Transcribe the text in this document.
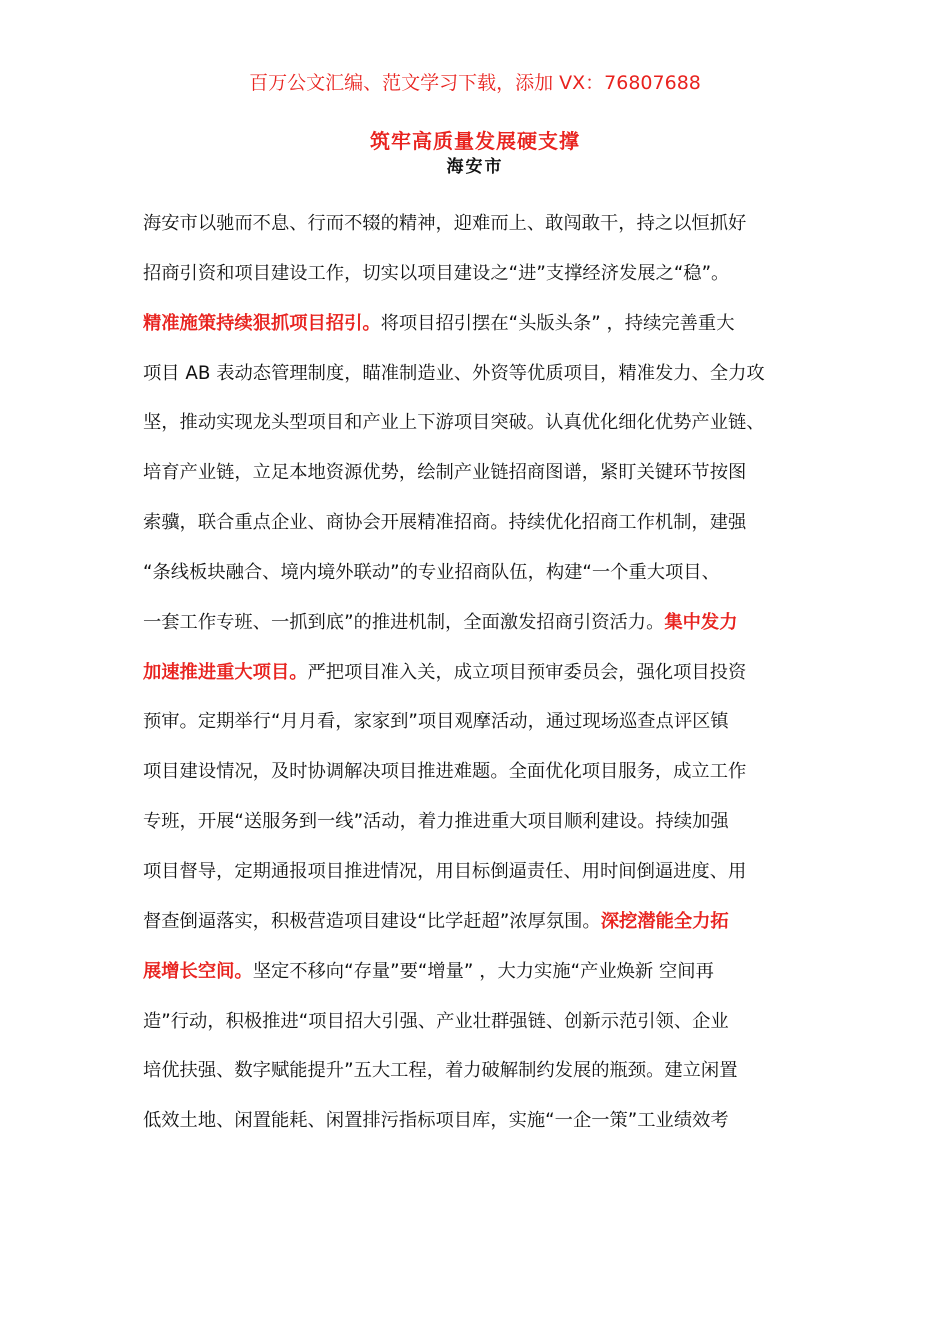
百万公文汇编、范文学习下载，添加 VX：76807688
筑牢高质量发展硬支撑
海安市
海安市以驰而不息、行而不辍的精神，迎难而上、敢闯敢干，持之以恒抓好
招商引资和项目建设工作，切实以项目建设之“进”支撑经济发展之“稳”。
精准施策持续狠抓项目招引。将项目招引摆在“头版头条” ，持续完善重大
项目 AB 表动态管理制度，瞄准制造业、外资等优质项目，精准发力、全力攻
坚，推动实现龙头型项目和产业上下游项目突破。认真优化细化优势产业链、
培育产业链，立足本地资源优势，绘制产业链招商图谱，紧盯关键环节按图
索骥，联合重点企业、商协会开展精准招商。持续优化招商工作机制，建强
“条线板块融合、境内境外联动”的专业招商队伍，构建“一个重大项目、
一套工作专班、一抓到底”的推进机制，全面激发招商引资活力。集中发力
加速推进重大项目。严把项目准入关，成立项目预审委员会，强化项目投资
预审。定期举行“月月看，家家到”项目观摩活动，通过现场巡查点评区镇
项目建设情况，及时协调解决项目推进难题。全面优化项目服务，成立工作
专班，开展“送服务到一线”活动，着力推进重大项目顺利建设。持续加强
项目督导，定期通报项目推进情况，用目标倒逼责任、用时间倒逼进度、用
督查倒逼落实，积极营造项目建设“比学赶超”浓厚氛围。深挖潜能全力拓
展增长空间。坚定不移向“存量”要“增量” ，大力实施“产业焕新 空间再
造”行动，积极推进“项目招大引强、产业壮群强链、创新示范引领、企业
培优扶强、数字赋能提升”五大工程，着力破解制约发展的瓶颈。建立闲置
低效土地、闲置能耗、闲置排污指标项目库，实施“一企一策”工业绩效考
